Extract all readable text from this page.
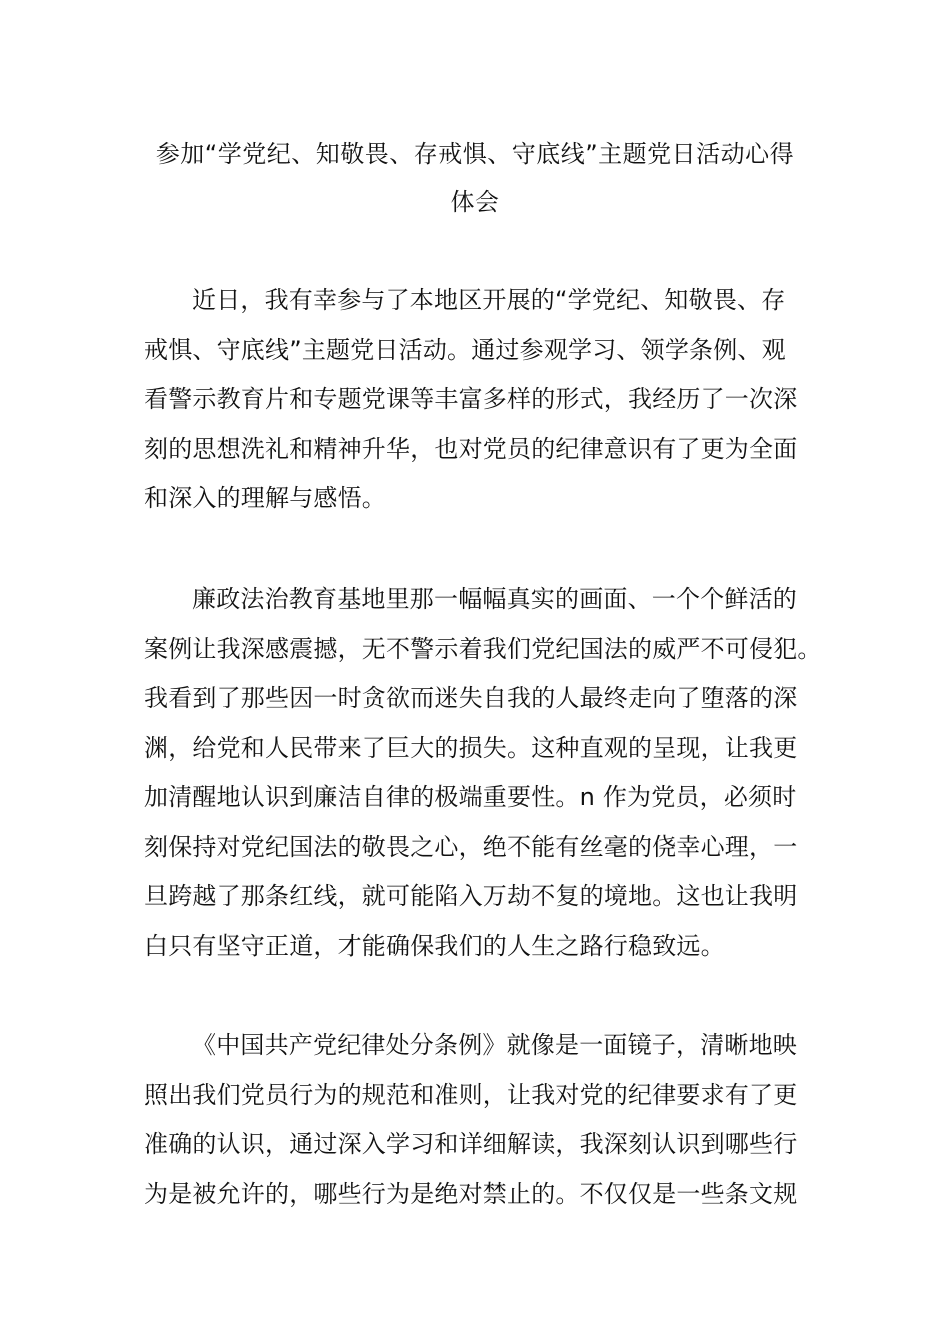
参加“学党纪、知敬畏、存戒惧、守底线”主题党日活动心得
体会

近日，我有幸参与了本地区开展的“学党纪、知敬畏、存
戒惧、守底线”主题党日活动。通过参观学习、领学条例、观
看警示教育片和专题党课等丰富多样的形式，我经历了一次深
刻的思想洗礼和精神升华，也对党员的纪律意识有了更为全面
和深入的理解与感悟。

廉政法治教育基地里那一幅幅真实的画面、一个个鲜活的
案例让我深感震撼，无不警示着我们党纪国法的威严不可侵犯。
我看到了那些因一时贪欲而迷失自我的人最终走向了堕落的深
渊，给党和人民带来了巨大的损失。这种直观的呈现，让我更
加清醒地认识到廉洁自律的极端重要性。n 作为党员，必须时
刻保持对党纪国法的敬畏之心，绝不能有丝毫的侥幸心理，一
旦跨越了那条红线，就可能陷入万劫不复的境地。这也让我明
白只有坚守正道，才能确保我们的人生之路行稳致远。

《中国共产党纪律处分条例》就像是一面镜子，清晰地映
照出我们党员行为的规范和准则，让我对党的纪律要求有了更
准确的认识，通过深入学习和详细解读，我深刻认识到哪些行
为是被允许的，哪些行为是绝对禁止的。不仅仅是一些条文规
